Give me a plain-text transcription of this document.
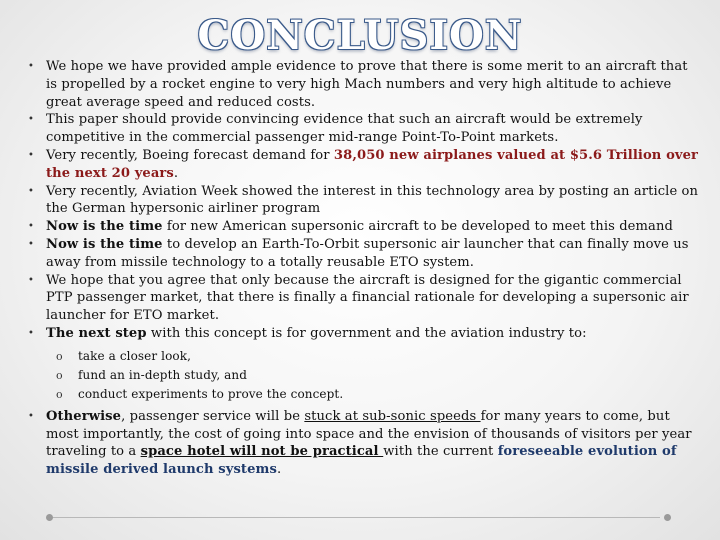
CONCLUSION
• We hope we have provided ample evidence to prove that there is some merit to an aircraft that is propelled by a rocket engine to very high Mach numbers and very high altitude to achieve great average speed and reduced costs.
• This paper should provide convincing evidence that such an aircraft would be extremely competitive in the commercial passenger mid-range Point-To-Point markets.
• Very recently, Boeing forecast demand for 38,050 new airplanes valued at $5.6 Trillion over the next 20 years.
• Very recently, Aviation Week showed the interest in this technology area by posting an article on the German hypersonic airliner program
• Now is the time for new American supersonic aircraft to be developed to meet this demand
• Now is the time to develop an Earth-To-Orbit supersonic air launcher that can finally move us away from missile technology to a totally reusable ETO system.
• We hope that you agree that only because the aircraft is designed for the gigantic commercial PTP passenger market, that there is finally a financial rationale for developing a supersonic air launcher for ETO market.
• The next step with this concept is for government and the aviation industry to:
o take a closer look,
o fund an in-depth study, and
o conduct experiments to prove the concept.
• Otherwise, passenger service will be stuck at sub-sonic speeds for many years to come, but most importantly, the cost of going into space and the envision of thousands of visitors per year traveling to a space hotel will not be practical with the current foreseeable evolution of missile derived launch systems.
